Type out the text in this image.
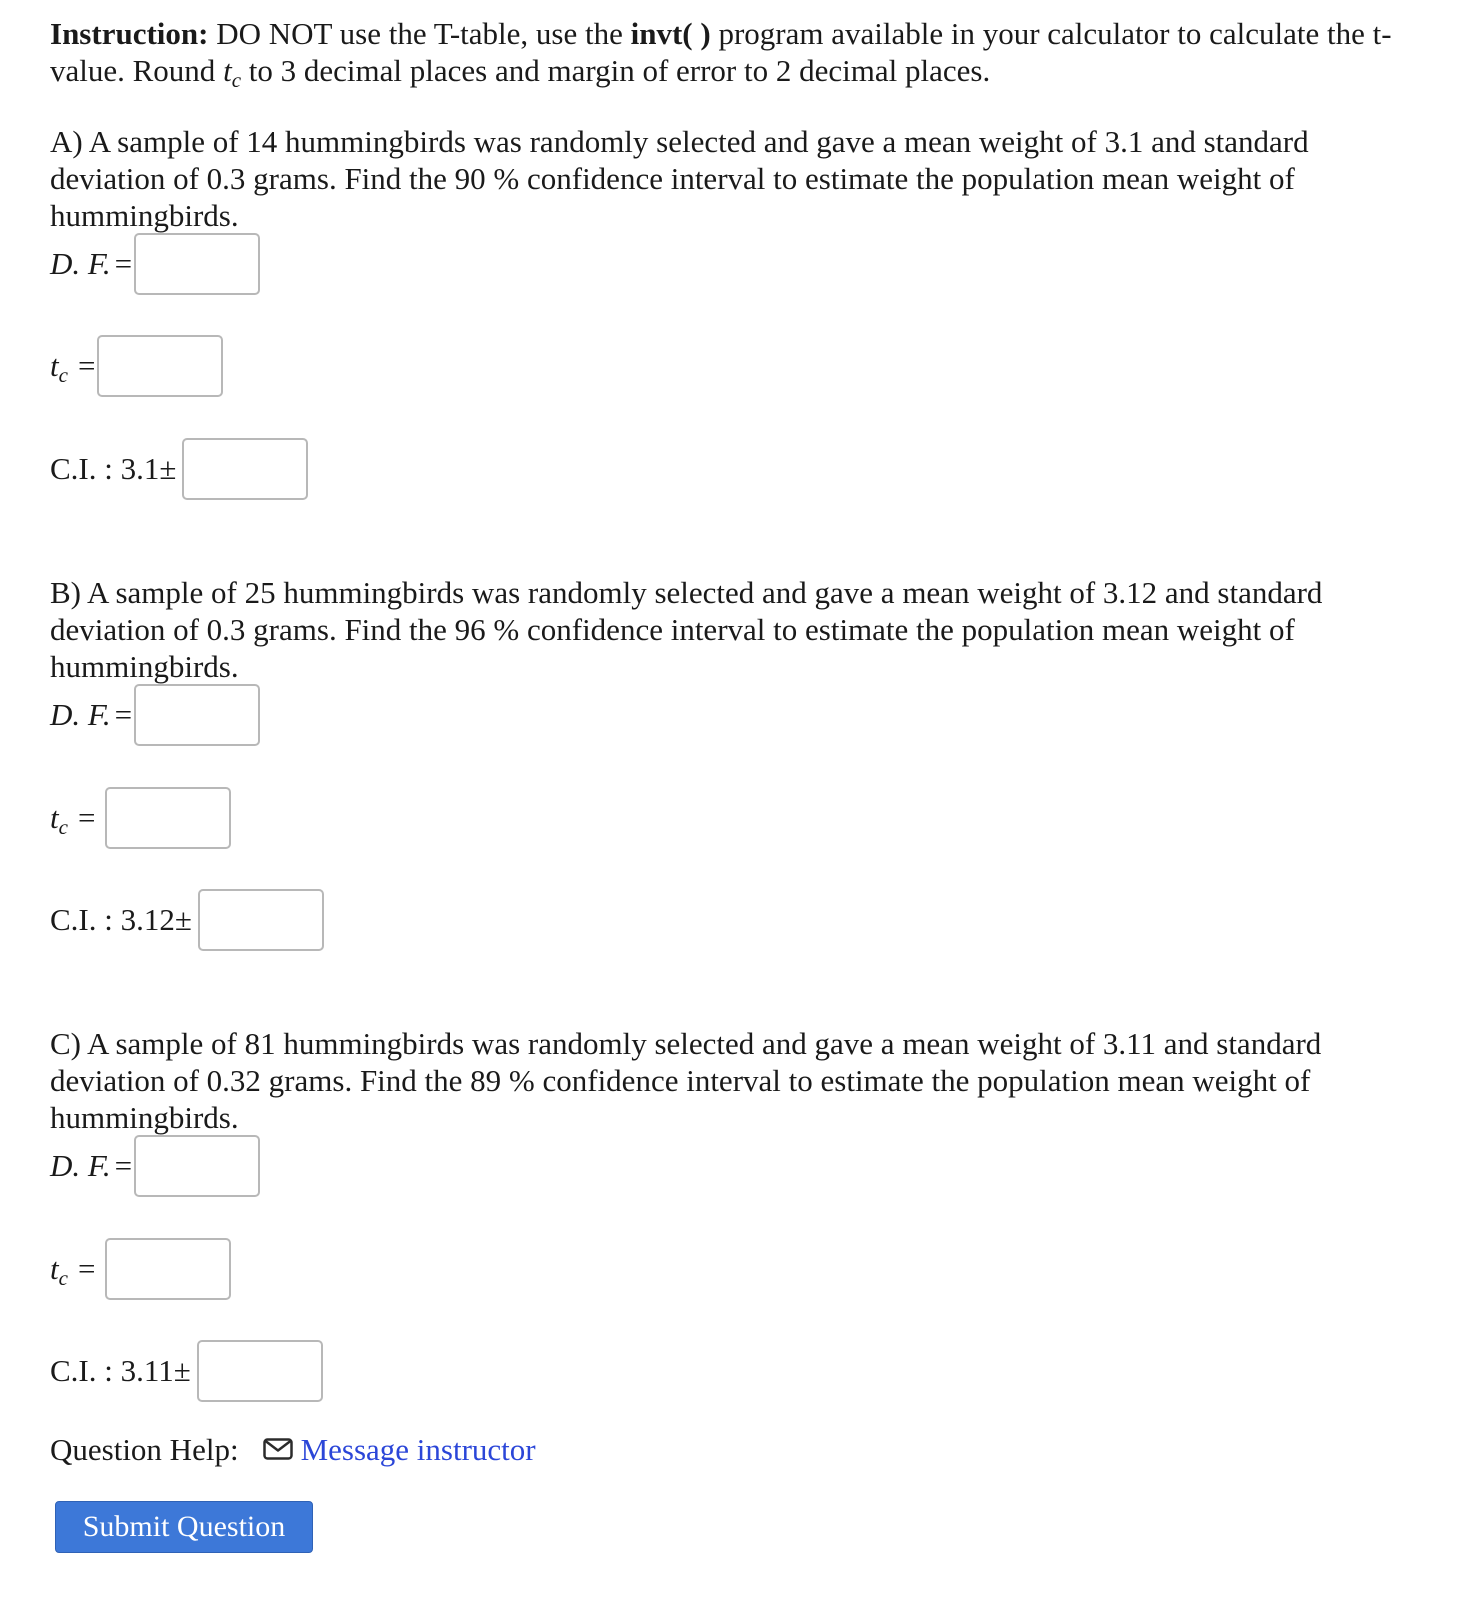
Instruction: DO NOT use the T-table, use the invt( ) program available in your calculator to calculate the t-value. Round tc to 3 decimal places and margin of error to 2 decimal places.

A) A sample of 14 hummingbirds was randomly selected and gave a mean weight of 3.1 and standard deviation of 0.3 grams. Find the 90 % confidence interval to estimate the population mean weight of hummingbirds.

D. F. =
tc =
C.I. : 3.1±

B) A sample of 25 hummingbirds was randomly selected and gave a mean weight of 3.12 and standard deviation of 0.3 grams. Find the 96 % confidence interval to estimate the population mean weight of hummingbirds.

D. F. =
tc =
C.I. : 3.12±

C) A sample of 81 hummingbirds was randomly selected and gave a mean weight of 3.11 and standard deviation of 0.32 grams. Find the 89 % confidence interval to estimate the population mean weight of hummingbirds.

D. F. =
tc =
C.I. : 3.11±
Question Help: Message instructor
Submit Question
